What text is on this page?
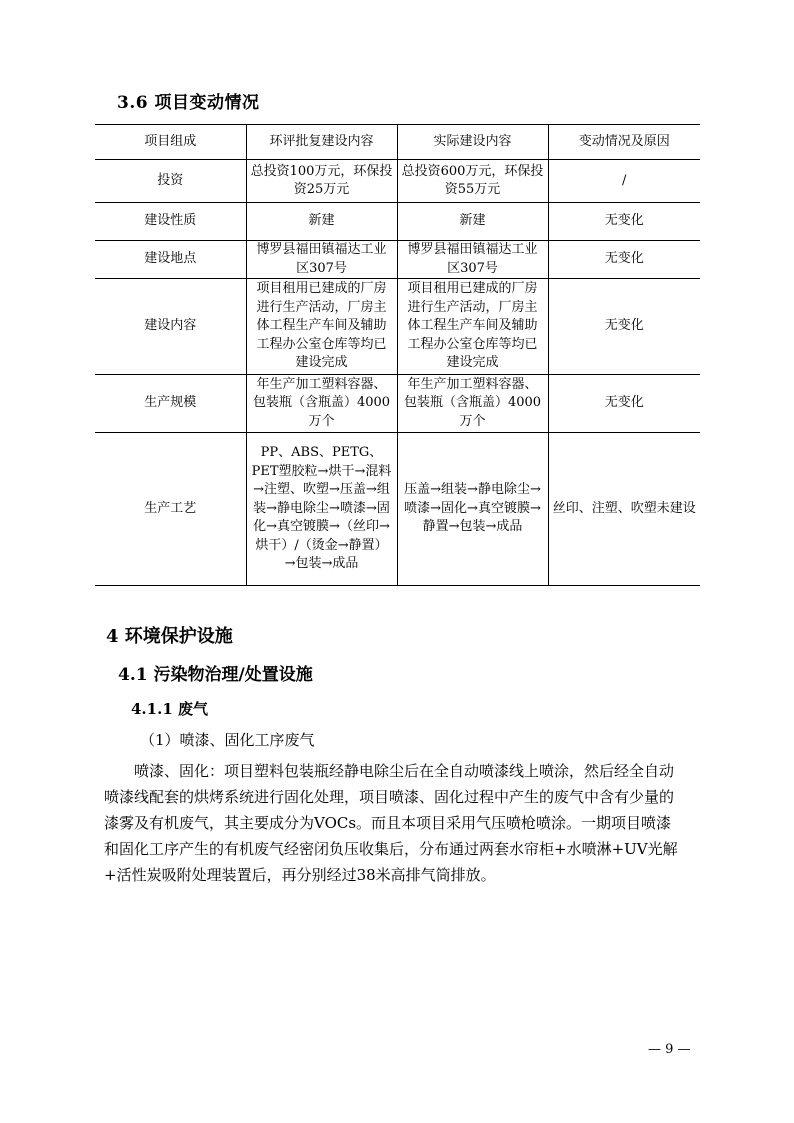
3.6 项目变动情况
项目组成	环评批复建设内容	实际建设内容	变动情况及原因
投资	总投资100万元，环保投资25万元	总投资600万元，环保投资55万元	/
建设性质	新建	新建	无变化
建设地点	博罗县福田镇福达工业区307号	博罗县福田镇福达工业区307号	无变化
建设内容	项目租用已建成的厂房进行生产活动，厂房主体工程生产车间及辅助工程办公室仓库等均已建设完成	项目租用已建成的厂房进行生产活动，厂房主体工程生产车间及辅助工程办公室仓库等均已建设完成	无变化
生产规模	年生产加工塑料容器、包装瓶（含瓶盖）4000万个	年生产加工塑料容器、包装瓶（含瓶盖）4000万个	无变化
生产工艺	PP、ABS、PETG、PET塑胶粒→烘干→混料→注塑、吹塑→压盖→组装→静电除尘→喷漆→固化→真空镀膜→（丝印→烘干）/（烫金→静置）→包装→成品	压盖→组装→静电除尘→喷漆→固化→真空镀膜→静置→包装→成品	丝印、注塑、吹塑未建设
4 环境保护设施
4.1 污染物治理/处置设施
4.1.1 废气
（1）喷漆、固化工序废气

喷漆、固化：项目塑料包装瓶经静电除尘后在全自动喷漆线上喷涂，然后经全自动喷漆线配套的烘烤系统进行固化处理，项目喷漆、固化过程中产生的废气中含有少量的漆雾及有机废气，其主要成分为VOCs。而且本项目采用气压喷枪喷涂。一期项目喷漆和固化工序产生的有机废气经密闭负压收集后，分布通过两套水帘柜+水喷淋+UV光解+活性炭吸附处理装置后，再分别经过38米高排气筒排放。

— 9 —
